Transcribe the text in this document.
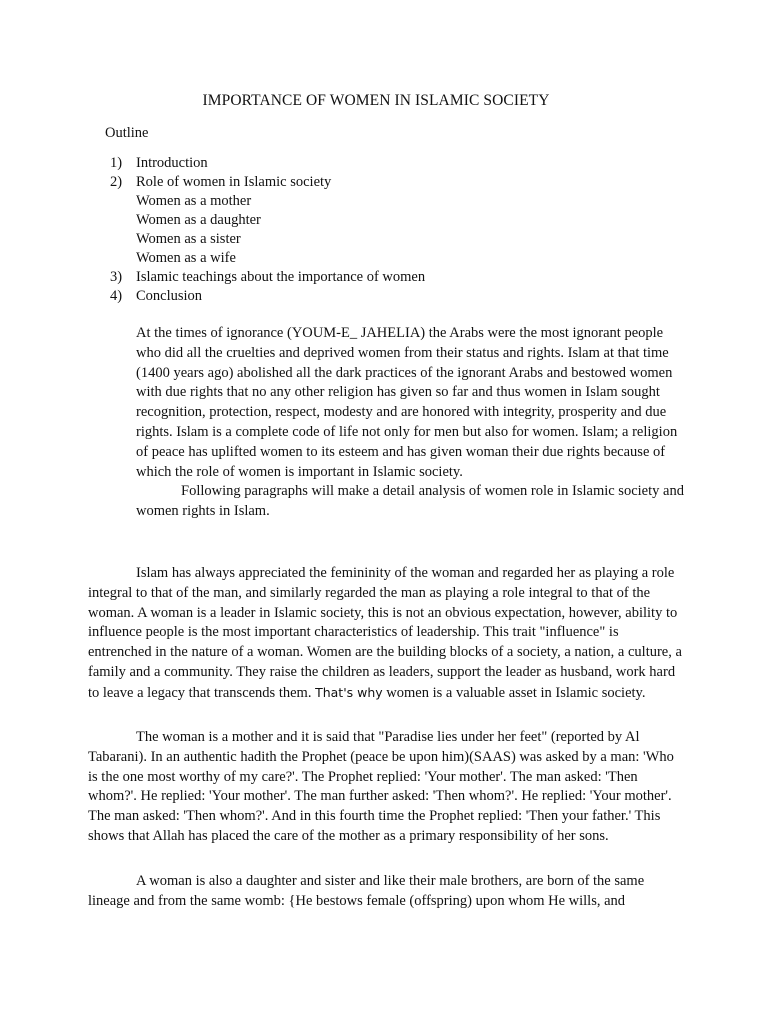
IMPORTANCE OF WOMEN IN ISLAMIC SOCIETY
Outline
1) Introduction
2) Role of women in Islamic society
Women as a mother
Women as a daughter
Women as a sister
Women as a wife
3) Islamic teachings about the importance of women
4) Conclusion
At the times of ignorance (YOUM-E_ JAHELIA) the Arabs were the most ignorant people who did all the cruelties and deprived women from their status and rights. Islam at that time (1400 years ago) abolished all the dark practices of the ignorant Arabs and bestowed women with due rights that no any other religion has given so far and thus women in Islam sought recognition, protection, respect, modesty and are honored with integrity, prosperity and due rights. Islam is a complete code of life not only for men but also for women. Islam; a religion of peace has uplifted women to its esteem and has given woman their due rights because of which the role of women is important in Islamic society.
Following paragraphs will make a detail analysis of women role in Islamic society and women rights in Islam.

Islam has always appreciated the femininity of the woman and regarded her as playing a role integral to that of the man, and similarly regarded the man as playing a role integral to that of the woman. A woman is a leader in Islamic society, this is not an obvious expectation, however, ability to influence people is the most important characteristics of leadership. This trait "influence" is entrenched in the nature of a woman. Women are the building blocks of a society, a nation, a culture, a family and a community. They raise the children as leaders, support the leader as husband, work hard to leave a legacy that transcends them. That's why women is a valuable asset in Islamic society.

The woman is a mother and it is said that "Paradise lies under her feet" (reported by Al Tabarani). In an authentic hadith the Prophet (peace be upon him)(SAAS) was asked by a man: 'Who is the one most worthy of my care?'. The Prophet replied: 'Your mother'. The man asked: 'Then whom?'. He replied: 'Your mother'. The man further asked: 'Then whom?'. He replied: 'Your mother'. The man asked: 'Then whom?'. And in this fourth time the Prophet replied: 'Then your father.' This shows that Allah has placed the care of the mother as a primary responsibility of her sons.

A woman is also a daughter and sister and like their male brothers, are born of the same lineage and from the same womb: {He bestows female (offspring) upon whom He wills, and
